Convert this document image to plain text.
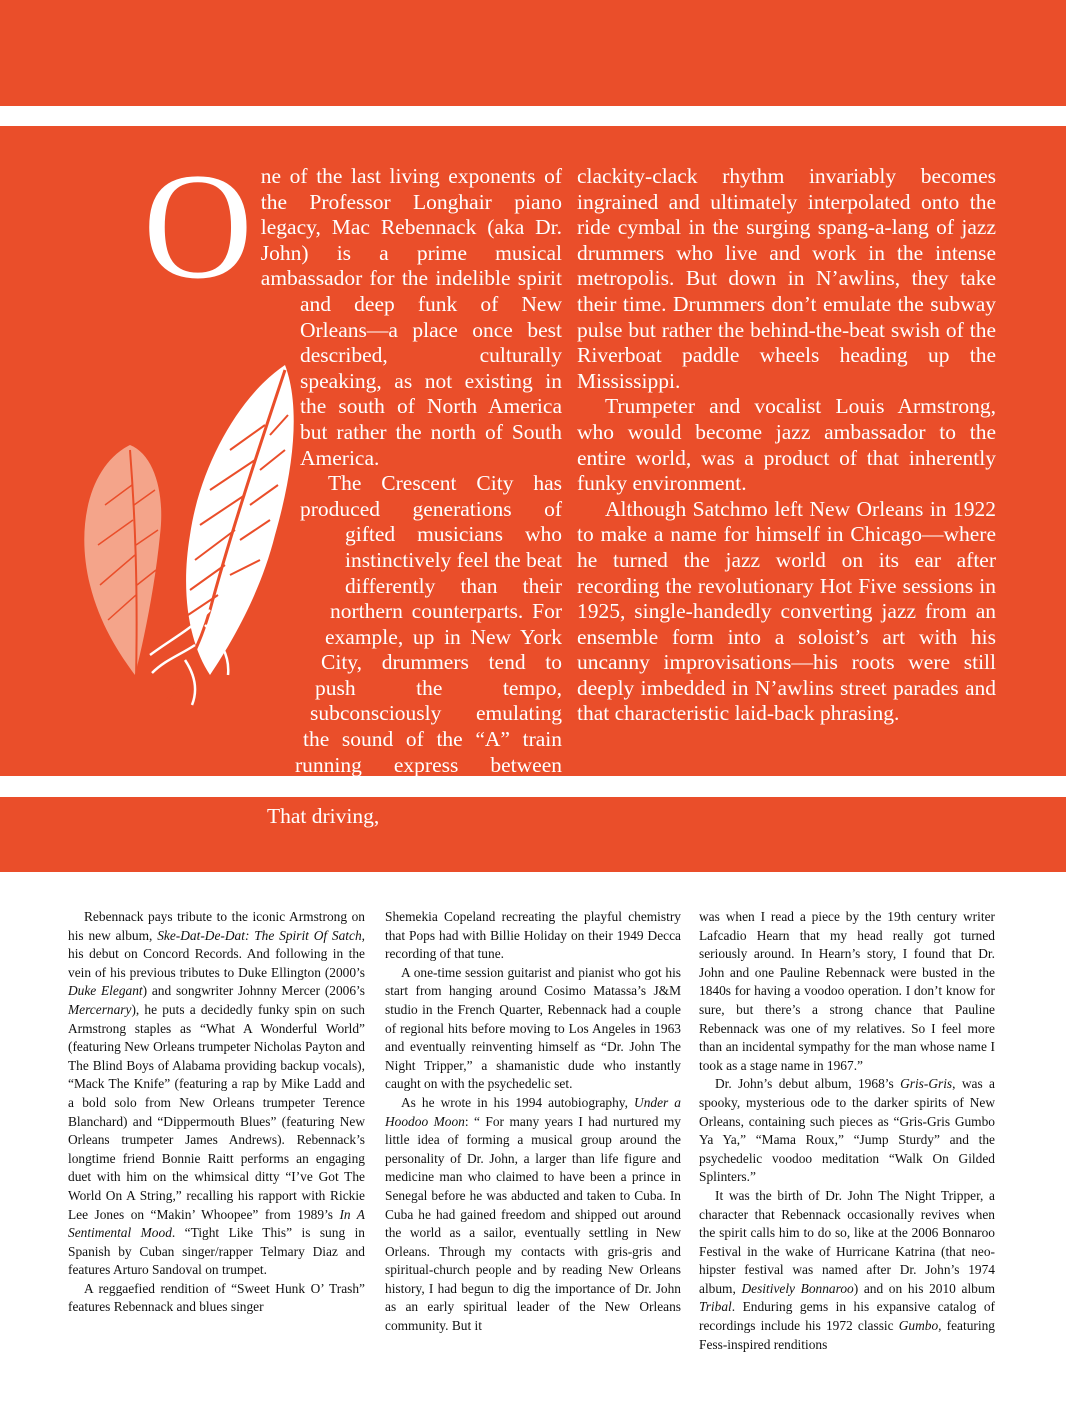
O ne of the last living exponents of the Professor Longhair piano legacy, Mac Rebennack (aka Dr. John) is a prime musical ambassador for the indelible spirit and deep funk of New Orleans—a place once best described, culturally speaking, as not existing in the south of North America but rather the north of South America.

The Crescent City has produced generations of gifted musicians who instinctively feel the beat differently than their northern counterparts. For example, up in New York City, drummers tend to push the tempo, subconsciously emulating the sound of the “A” train running express between 125th Street and 59th Street. That driving,

clackity-clack rhythm invariably becomes ingrained and ultimately interpolated onto the ride cymbal in the surging spang-a-lang of jazz drummers who live and work in the intense metropolis. But down in N’awlins, they take their time. Drummers don’t emulate the subway pulse but rather the behind-the-beat swish of the Riverboat paddle wheels heading up the Mississippi.

Trumpeter and vocalist Louis Armstrong, who would become jazz ambassador to the entire world, was a product of that inherently funky environment.

Although Satchmo left New Orleans in 1922 to make a name for himself in Chicago—where he turned the jazz world on its ear after recording the revolutionary Hot Five sessions in 1925, single-handedly converting jazz from an ensemble form into a soloist’s art with his uncanny improvisations—his roots were still deeply imbedded in N’awlins street parades and that characteristic laid-back phrasing.

Rebennack pays tribute to the iconic Armstrong on his new album, Ske-Dat-De-Dat: The Spirit Of Satch, his debut on Concord Records. And following in the vein of his previous tributes to Duke Ellington (2000’s Duke Elegant) and songwriter Johnny Mercer (2006’s Mercernary), he puts a decidedly funky spin on such Armstrong staples as “What A Wonderful World” (featuring New Orleans trumpeter Nicholas Payton and The Blind Boys of Alabama providing backup vocals), “Mack The Knife” (featuring a rap by Mike Ladd and a bold solo from New Orleans trumpeter Terence Blanchard) and “Dippermouth Blues” (featuring New Orleans trumpeter James Andrews). Rebennack’s longtime friend Bonnie Raitt performs an engaging duet with him on the whimsical ditty “I’ve Got The World On A String,” recalling his rapport with Rickie Lee Jones on “Makin’ Whoopee” from 1989’s In A Sentimental Mood. “Tight Like This” is sung in Spanish by Cuban singer/rapper Telmary Diaz and features Arturo Sandoval on trumpet.

A reggaefied rendition of “Sweet Hunk O’ Trash” features Rebennack and blues singer

Shemekia Copeland recreating the playful chemistry that Pops had with Billie Holiday on their 1949 Decca recording of that tune.

A one-time session guitarist and pianist who got his start from hanging around Cosimo Matassa’s J&M studio in the French Quarter, Rebennack had a couple of regional hits before moving to Los Angeles in 1963 and eventually reinventing himself as “Dr. John The Night Tripper,” a shamanistic dude who instantly caught on with the psychedelic set.

As he wrote in his 1994 autobiography, Under a Hoodoo Moon: “ For many years I had nurtured my little idea of forming a musical group around the personality of Dr. John, a larger than life figure and medicine man who claimed to have been a prince in Senegal before he was abducted and taken to Cuba. In Cuba he had gained freedom and shipped out around the world as a sailor, eventually settling in New Orleans. Through my contacts with gris-gris and spiritual-church people and by reading New Orleans history, I had begun to dig the importance of Dr. John as an early spiritual leader of the New Orleans community. But it

was when I read a piece by the 19th century writer Lafcadio Hearn that my head really got turned seriously around. In Hearn’s story, I found that Dr. John and one Pauline Rebennack were busted in the 1840s for having a voodoo operation. I don’t know for sure, but there’s a strong chance that Pauline Rebennack was one of my relatives. So I feel more than an incidental sympathy for the man whose name I took as a stage name in 1967.”

Dr. John’s debut album, 1968’s Gris-Gris, was a spooky, mysterious ode to the darker spirits of New Orleans, containing such pieces as “Gris-Gris Gumbo Ya Ya,” “Mama Roux,” “Jump Sturdy” and the psychedelic voodoo meditation “Walk On Gilded Splinters.”

It was the birth of Dr. John The Night Tripper, a character that Rebennack occasionally revives when the spirit calls him to do so, like at the 2006 Bonnaroo Festival in the wake of Hurricane Katrina (that neo-hipster festival was named after Dr. John’s 1974 album, Desitively Bonnaroo) and on his 2010 album Tribal. Enduring gems in his expansive catalog of recordings include his 1972 classic Gumbo, featuring Fess-inspired renditions
